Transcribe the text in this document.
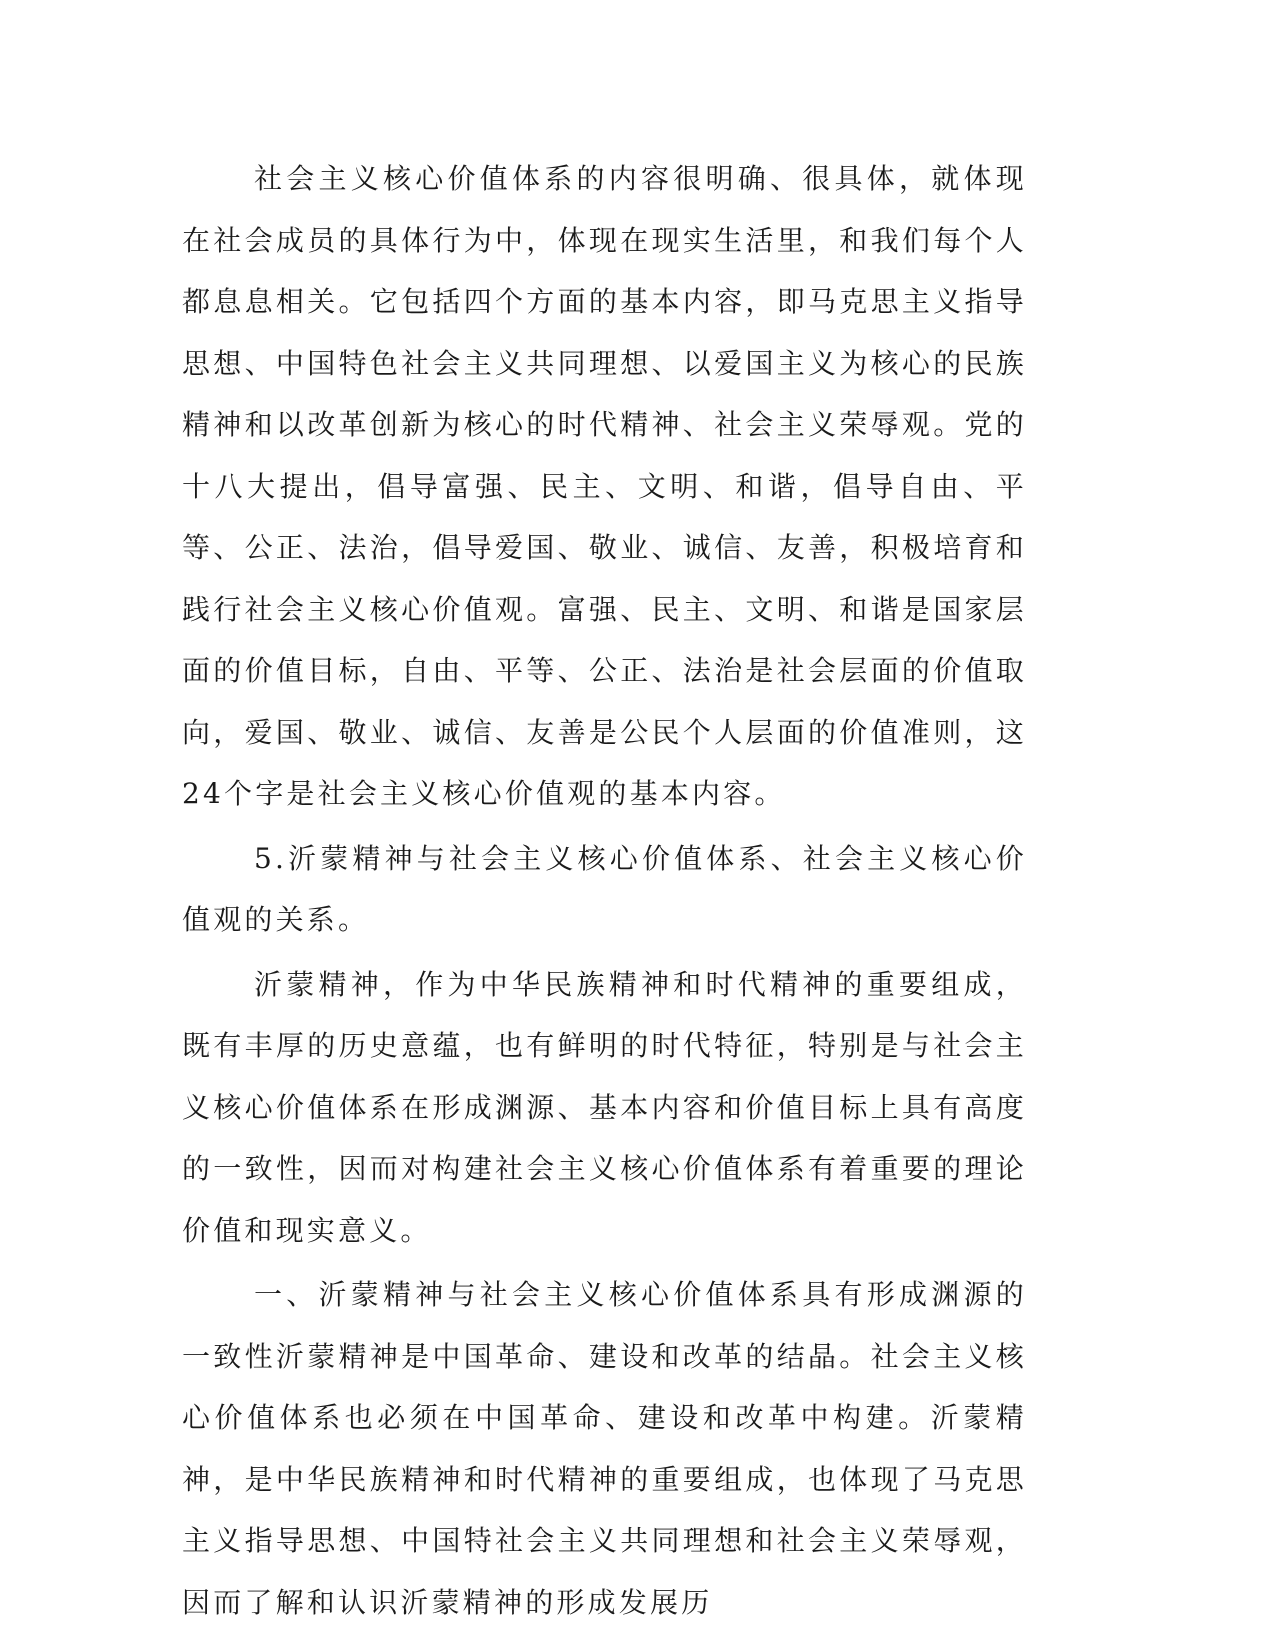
社会主义核心价值体系的内容很明确、很具体，就体现在社会成员的具体行为中，体现在现实生活里，和我们每个人都息息相关。它包括四个方面的基本内容，即马克思主义指导思想、中国特色社会主义共同理想、以爱国主义为核心的民族精神和以改革创新为核心的时代精神、社会主义荣辱观。党的十八大提出，倡导富强、民主、文明、和谐，倡导自由、平等、公正、法治，倡导爱国、敬业、诚信、友善，积极培育和践行社会主义核心价值观。富强、民主、文明、和谐是国家层面的价值目标，自由、平等、公正、法治是社会层面的价值取向，爱国、敬业、诚信、友善是公民个人层面的价值准则，这24个字是社会主义核心价值观的基本内容。

5.沂蒙精神与社会主义核心价值体系、社会主义核心价值观的关系。

沂蒙精神，作为中华民族精神和时代精神的重要组成，既有丰厚的历史意蕴，也有鲜明的时代特征，特别是与社会主义核心价值体系在形成渊源、基本内容和价值目标上具有高度的一致性，因而对构建社会主义核心价值体系有着重要的理论价值和现实意义。

一、沂蒙精神与社会主义核心价值体系具有形成渊源的一致性沂蒙精神是中国革命、建设和改革的结晶。社会主义核心价值体系也必须在中国革命、建设和改革中构建。沂蒙精神，是中华民族精神和时代精神的重要组成，也体现了马克思主义指导思想、中国特社会主义共同理想和社会主义荣辱观，因而了解和认识沂蒙精神的形成发展历
